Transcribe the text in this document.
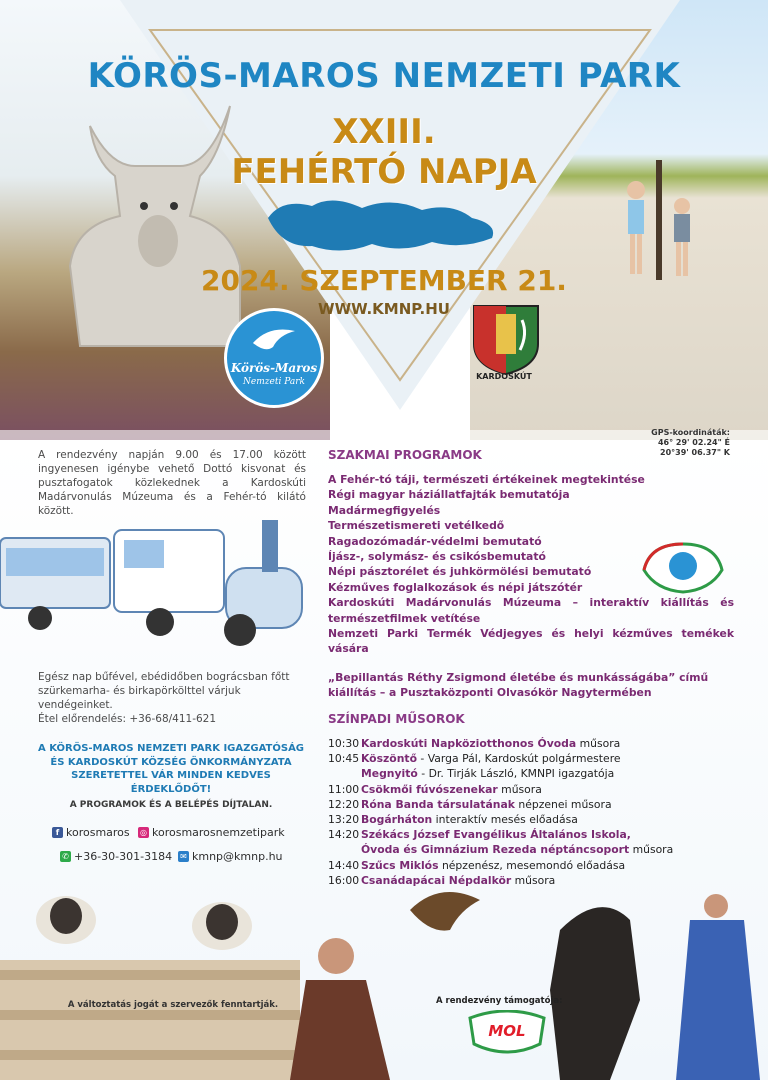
KÖRÖS-MAROS NEMZETI PARK
XXIII.
FEHÉRTÓ NAPJA
2024. SZEPTEMBER 21.
WWW.KMNP.HU
Körös-Maros
Nemzeti Park
KARDOSKÚT
A rendezvény napján 9.00 és 17.00 között ingyenesen igénybe vehető Dottó kisvonat és pusztafogatok közlekednek a Kardoskúti Madárvonulás Múzeuma és a Fehér-tó kilátó között.
Egész nap bűfével, ebédidőben bográcsban főtt szürkemarha- és birkapörkölttel várjuk vendégeinket.
Étel előrendelés: +36-68/411-621
A KÖRÖS-MAROS NEMZETI PARK IGAZGATÓSÁG
ÉS KARDOSKÚT KÖZSÉG ÖNKORMÁNYZATA
SZERETETTEL VÁR MINDEN KEDVES ÉRDEKLŐDŐT!
A PROGRAMOK ÉS A BELÉPÉS DÍJTALAN.
f korosmaros ◎ korosmarosnemzetipark
✆ +36-30-301-3184 ✉ kmnp@kmnp.hu
GPS-koordináták:
46° 29' 02.24" É
20°39' 06.37" K
SZAKMAI PROGRAMOK
A Fehér-tó táji, természeti értékeinek megtekintése
Régi magyar háziállatfajták bemutatója
Madármegfigyelés
Természetismereti vetélkedő
Ragadozómadár-védelmi bemutató
Íjász-, solymász- és csikósbemutató
Népi pásztorélet és juhkörmölési bemutató
Kézműves foglalkozások és népi játszótér
Kardoskúti Madárvonulás Múzeuma – interaktív kiállítás és természetfilmek vetítése
Nemzeti Parki Termék Védjegyes és helyi kézműves temékek vására
„Bepillantás Réthy Zsigmond életébe és munkásságába” című kiállítás – a Pusztaközponti Olvasókör Nagytermében
SZÍNPADI MŰSOROK
10:30 Kardoskúti Napköziotthonos Óvoda műsora
10:45 Köszöntő - Varga Pál, Kardoskút polgármestere
Megnyitó - Dr. Tirják László, KMNPI igazgatója
11:00 Csökmői fúvószenekar műsora
12:20 Róna Banda társulatának népzenei műsora
13:20 Bogárháton interaktív mesés előadása
14:20 Székács József Evangélikus Általános Iskola,
Óvoda és Gimnázium Rezeda néptáncsoport műsora
14:40 Szűcs Miklós népzenész, mesemondó előadása
16:00 Csanádapácai Népdalkör műsora
A változtatás jogát a szervezők fenntartják.	A rendezvény támogatója:
MOL
